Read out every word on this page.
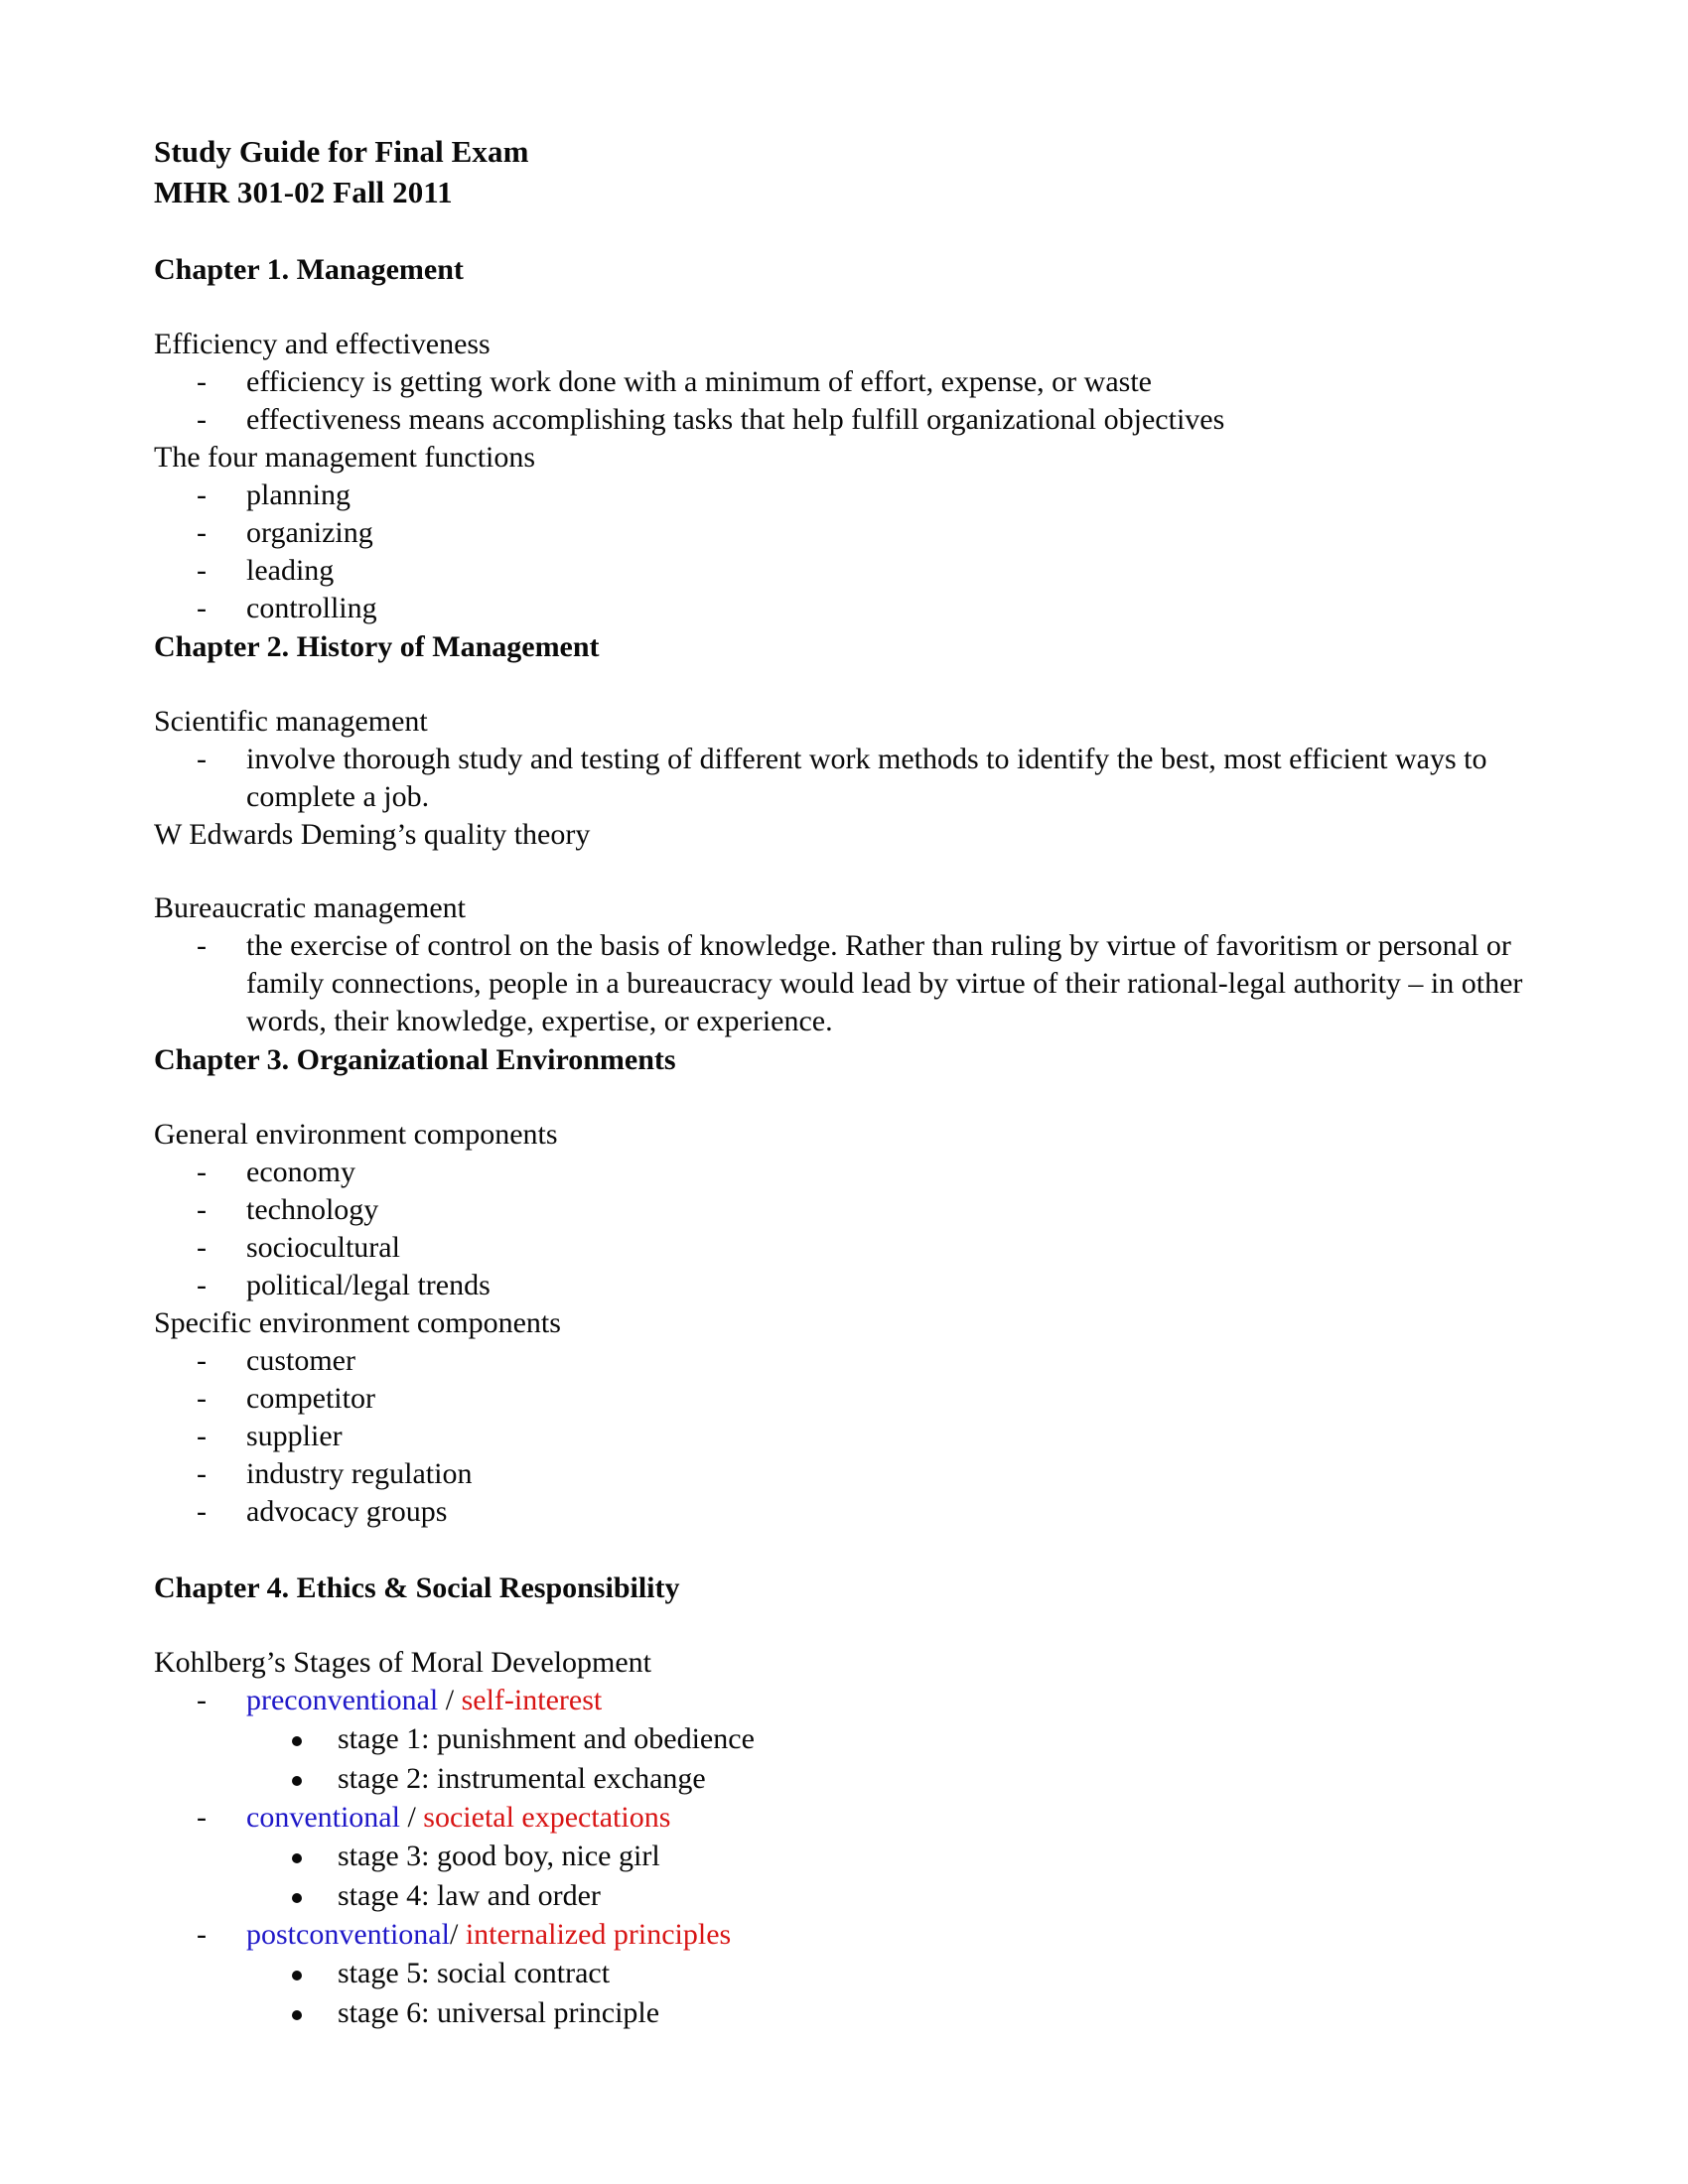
Study Guide for Final Exam
MHR 301-02 Fall 2011
Chapter 1. Management
Efficiency and effectiveness
- efficiency is getting work done with a minimum of effort, expense, or waste
- effectiveness means accomplishing tasks that help fulfill organizational objectives
The four management functions
- planning
- organizing
- leading
- controlling
Chapter 2. History of Management
Scientific management
- involve thorough study and testing of different work methods to identify the best, most efficient ways to complete a job.
W Edwards Deming’s quality theory
Bureaucratic management
- the exercise of control on the basis of knowledge. Rather than ruling by virtue of favoritism or personal or family connections, people in a bureaucracy would lead by virtue of their rational-legal authority – in other words, their knowledge, expertise, or experience.
Chapter 3. Organizational Environments
General environment components
- economy
- technology
- sociocultural
- political/legal trends
Specific environment components
- customer
- competitor
- supplier
- industry regulation
- advocacy groups
Chapter 4. Ethics & Social Responsibility
Kohlberg’s Stages of Moral Development
- preconventional / self-interest
stage 1: punishment and obedience
stage 2: instrumental exchange
- conventional / societal expectations
stage 3: good boy, nice girl
stage 4: law and order
- postconventional/ internalized principles
stage 5: social contract
stage 6: universal principle
